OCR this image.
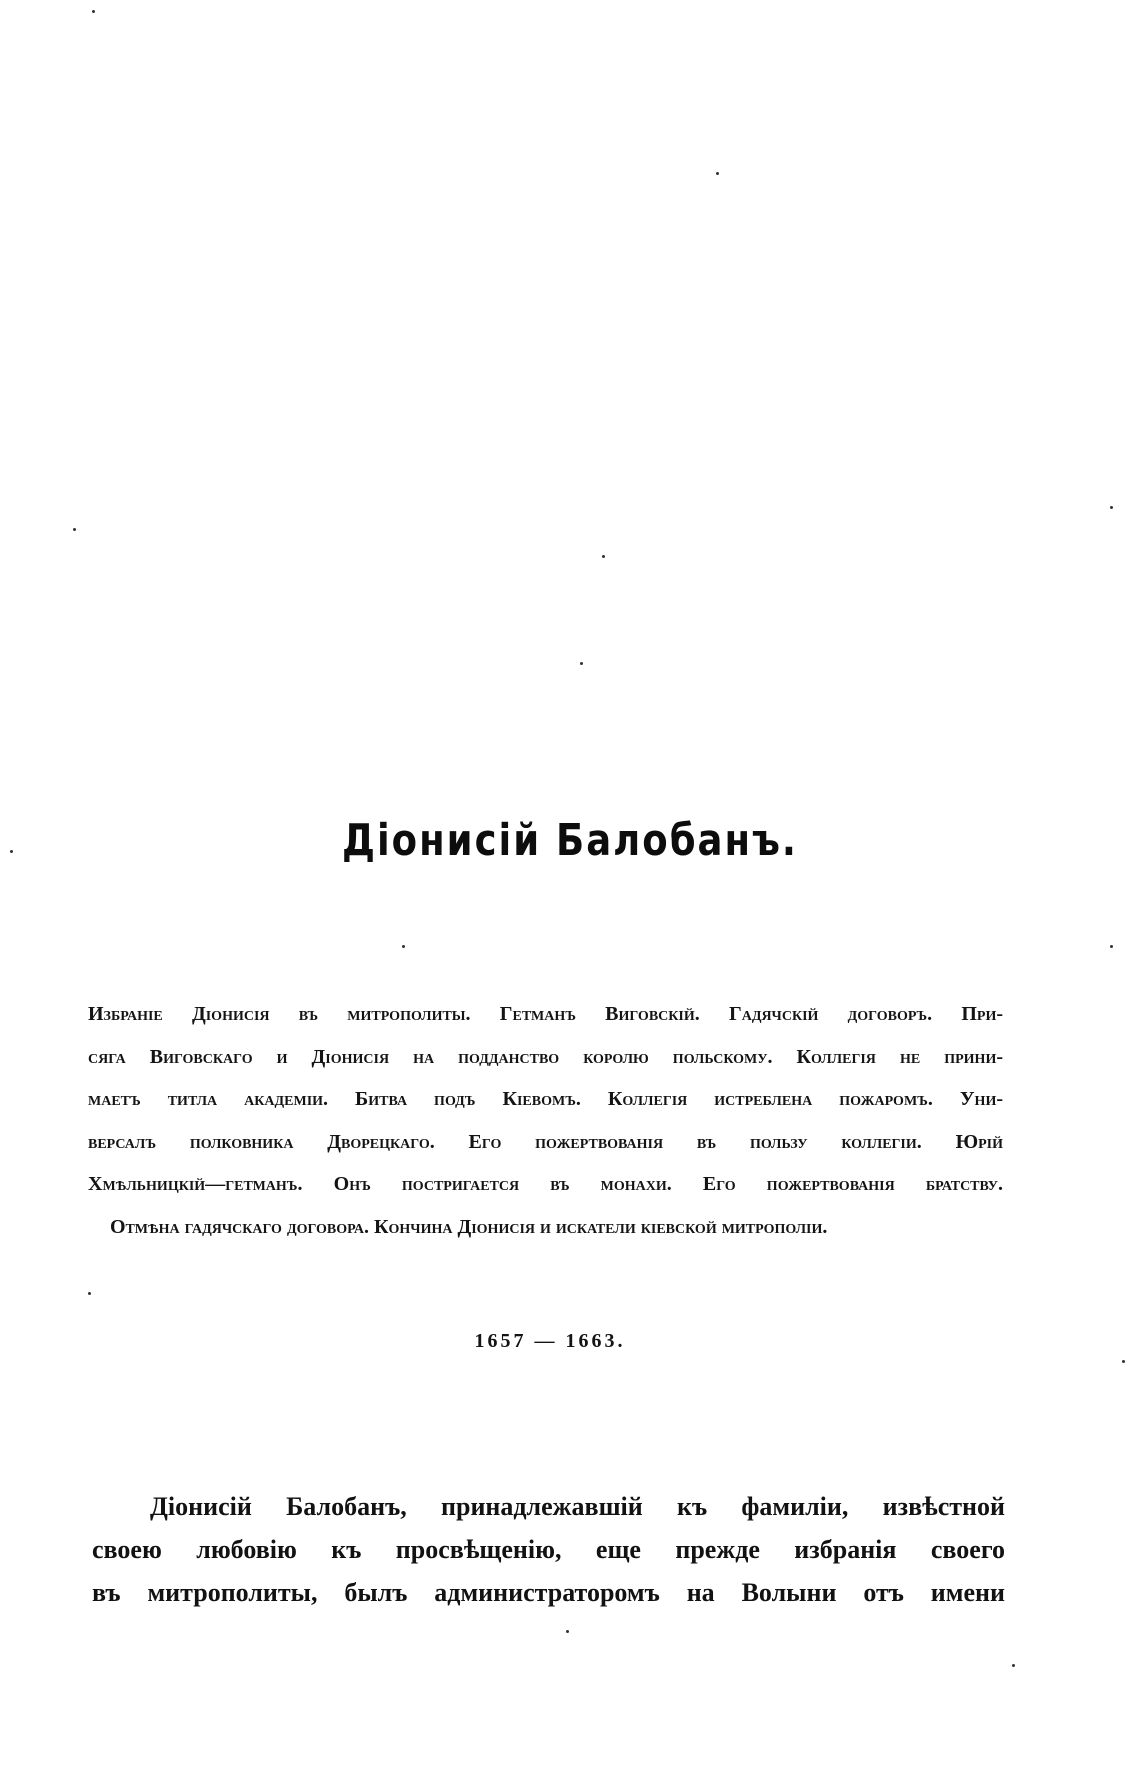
Діонисій Балобанъ.
Избраніе Діонисія въ митрополиты. Гетманъ Виговскій. Гадячскій договоръ. При-
сяга Виговскаго и Діонисія на подданство королю польскому. Коллегія не прини-
маетъ титла академіи. Битва подъ Кіевомъ. Коллегія истреблена пожаромъ. Уни-
версалъ полковника Дворецкаго. Его пожертвованія въ пользу коллегіи. Юрій
Хмѣльницкій—гетманъ. Онъ постригается въ монахи. Его пожертвованія братству.
Отмѣна гадячскаго договора. Кончина Діонисія и искатели кіевской митрополіи.

1657 — 1663.

Діонисій Балобанъ, принадлежавшій къ фамиліи, извѣстной
своею любовію къ просвѣщенію, еще прежде избранія своего
въ митрополиты, былъ администраторомъ на Волыни отъ имени
